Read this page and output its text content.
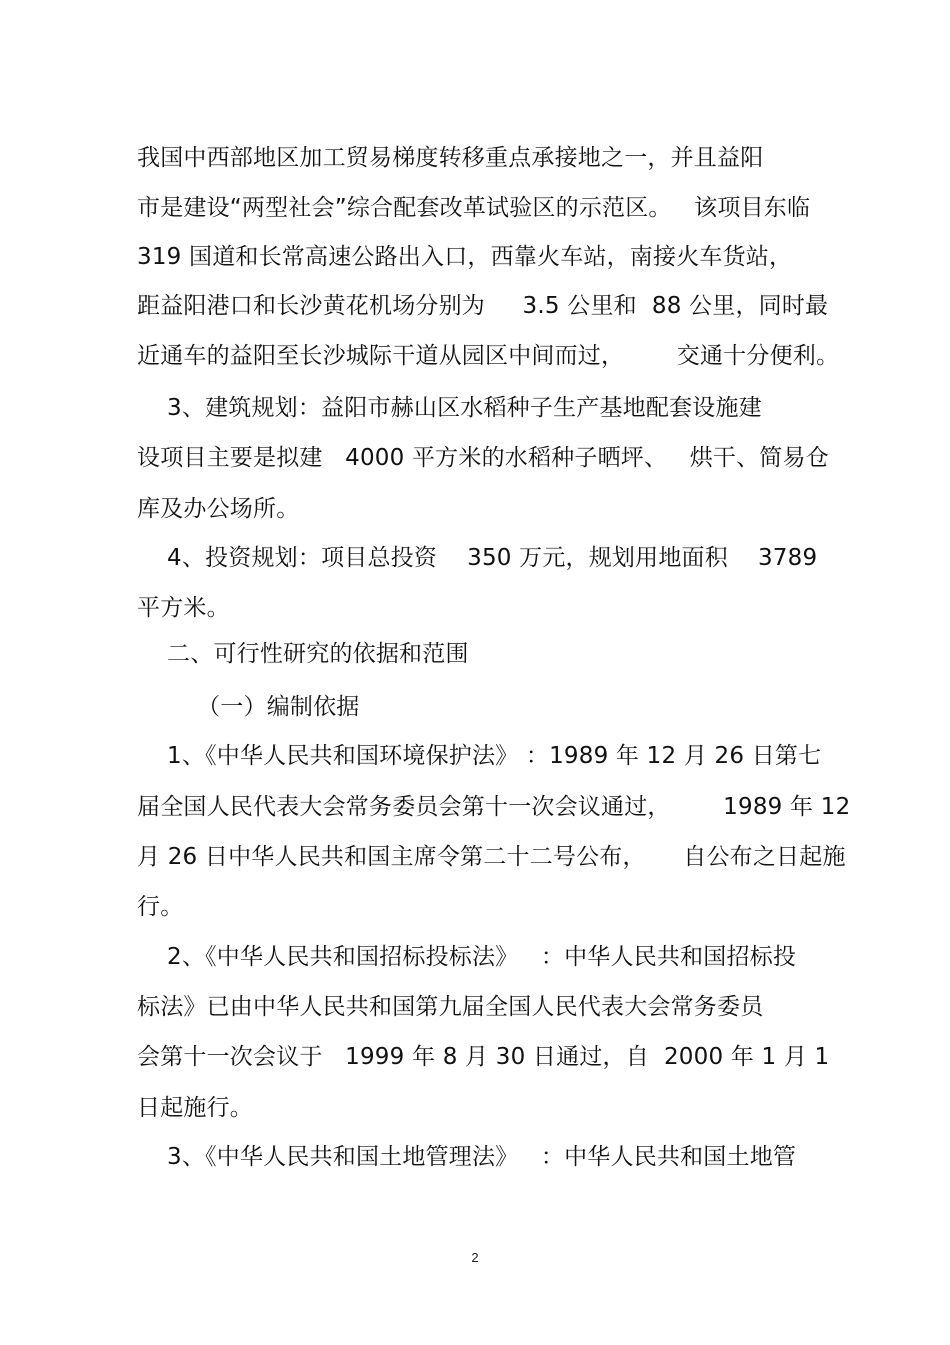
我国中西部地区加工贸易梯度转移重点承接地之一，并且益阳
市是建设“两型社会”综合配套改革试验区的示范区。   该项目东临
319 国道和长常高速公路出入口，西靠火车站，南接火车货站，
距益阳港口和长沙黄花机场分别为     3.5 公里和  88 公里，同时最
近通车的益阳至长沙城际干道从园区中间而过，       交通十分便利。
3、建筑规划：益阳市赫山区水稻种子生产基地配套设施建
设项目主要是拟建   4000 平方米的水稻种子晒坪、   烘干、简易仓
库及办公场所。
4、投资规划：项目总投资    350 万元，规划用地面积    3789
平方米。
二、可行性研究的依据和范围
（一）编制依据
1、《中华人民共和国环境保护法》 ：1989 年 12 月 26 日第七
届全国人民代表大会常务委员会第十一次会议通过，       1989 年 12
月 26 日中华人民共和国主席令第二十二号公布，     自公布之日起施
行。
2、《中华人民共和国招标投标法》   ：中华人民共和国招标投
标法》已由中华人民共和国第九届全国人民代表大会常务委员
会第十一次会议于   1999 年 8 月 30 日通过，自  2000 年 1 月 1
日起施行。
3、《中华人民共和国土地管理法》   ：中华人民共和国土地管
2
